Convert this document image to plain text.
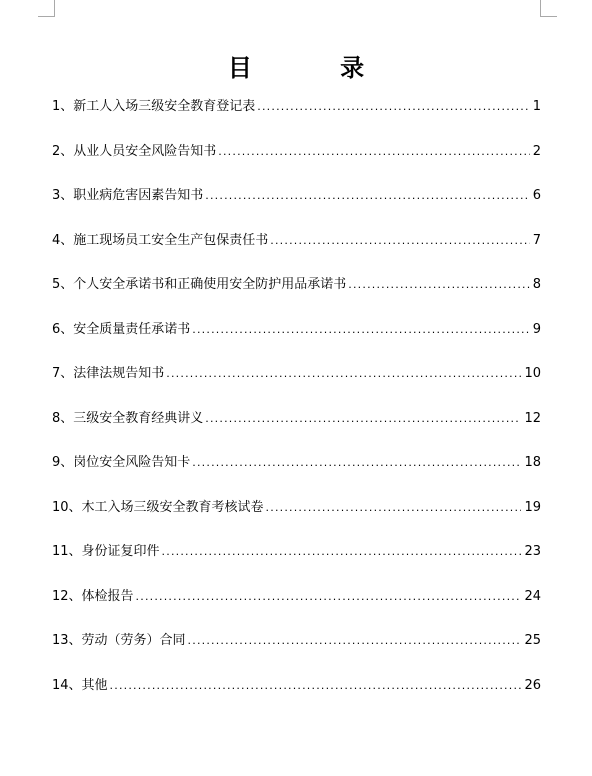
目 录
1、新工人入场三级安全教育登记表 .....	1
2、从业人员安全风险告知书 .....	2
3、职业病危害因素告知书 .....	6
4、施工现场员工安全生产包保责任书 .....	7
5、个人安全承诺书和正确使用安全防护用品承诺书 .....	8
6、安全质量责任承诺书 .....	9
7、法律法规告知书 .....	10
8、三级安全教育经典讲义 .....	12
9、岗位安全风险告知卡 .....	18
10、木工入场三级安全教育考核试卷 .....	19
11、身份证复印件 .....	23
12、体检报告 .....	24
13、劳动（劳务）合同 .....	25
14、其他 .....	26
